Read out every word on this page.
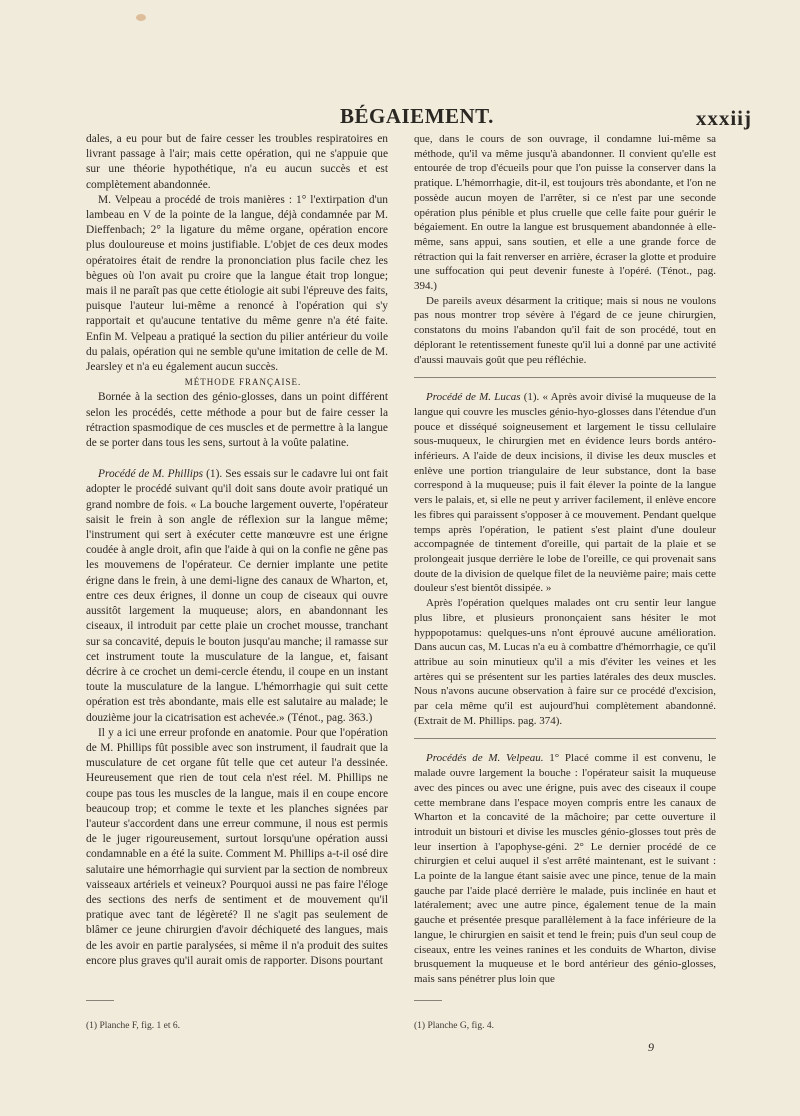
BÉGAIEMENT.	xxxiij

dales, a eu pour but de faire cesser les troubles respiratoires en livrant passage à l'air; mais cette opération, qui ne s'appuie que sur une théorie hypothétique, n'a eu aucun succès et est complètement abandonnée.

M. Velpeau a procédé de trois manières : 1° l'extirpation d'un lambeau en V de la pointe de la langue, déjà condamnée par M. Dieffenbach; 2° la ligature du même organe, opération encore plus douloureuse et moins justifiable. L'objet de ces deux modes opératoires était de rendre la prononciation plus facile chez les bègues où l'on avait pu croire que la langue était trop longue; mais il ne paraît pas que cette étiologie ait subi l'épreuve des faits, puisque l'auteur lui-même a renoncé à l'opération qui s'y rapportait et qu'aucune tentative du même genre n'a été faite. Enfin M. Velpeau a pratiqué la section du pilier antérieur du voile du palais, opération qui ne semble qu'une imitation de celle de M. Jearsley et n'a eu également aucun succès.

MÉTHODE FRANÇAISE.

Bornée à la section des génio-glosses, dans un point différent selon les procédés, cette méthode a pour but de faire cesser la rétraction spasmodique de ces muscles et de permettre à la langue de se porter dans tous les sens, surtout à la voûte palatine.

Procédé de M. Phillips (1). Ses essais sur le cadavre lui ont fait adopter le procédé suivant qu'il doit sans doute avoir pratiqué un grand nombre de fois. « La bouche largement ouverte, l'opérateur saisit le frein à son angle de réflexion sur la langue même; l'instrument qui sert à exécuter cette manœuvre est une érigne coudée à angle droit, afin que l'aide à qui on la confie ne gêne pas les mouvemens de l'opérateur. Ce dernier implante une petite érigne dans le frein, à une demi-ligne des canaux de Wharton, et, entre ces deux érignes, il donne un coup de ciseaux qui ouvre aussitôt largement la muqueuse; alors, en abandonnant les ciseaux, il introduit par cette plaie un crochet mousse, tranchant sur sa concavité, depuis le bouton jusqu'au manche; il ramasse sur cet instrument toute la musculature de la langue, et, faisant décrire à ce crochet un demi-cercle étendu, il coupe en un instant toute la musculature de la langue. L'hémorrhagie qui suit cette opération est très abondante, mais elle est salutaire au malade; le douzième jour la cicatrisation est achevée.» (Ténot., pag. 363.)

Il y a ici une erreur profonde en anatomie. Pour que l'opération de M. Phillips fût possible avec son instrument, il faudrait que la musculature de cet organe fût telle que cet auteur l'a dessinée. Heureusement que rien de tout cela n'est réel. M. Phillips ne coupe pas tous les muscles de la langue, mais il en coupe encore beaucoup trop; et comme le texte et les planches signées par l'auteur s'accordent dans une erreur commune, il nous est permis de le juger rigoureusement, surtout lorsqu'une opération aussi condamnable en a été la suite. Comment M. Phillips a-t-il osé dire salutaire une hémorrhagie qui survient par la section de nombreux vaisseaux artériels et veineux? Pourquoi aussi ne pas faire l'éloge des sections des nerfs de sentiment et de mouvement qu'il pratique avec tant de légèreté? Il ne s'agit pas seulement de blâmer ce jeune chirurgien d'avoir déchiqueté des langues, mais de les avoir en partie paralysées, si même il n'a produit des suites encore plus graves qu'il aurait omis de rapporter. Disons pourtant

que, dans le cours de son ouvrage, il condamne lui-même sa méthode, qu'il va même jusqu'à abandonner. Il convient qu'elle est entourée de trop d'écueils pour que l'on puisse la conserver dans la pratique. L'hémorrhagie, dit-il, est toujours très abondante, et l'on ne possède aucun moyen de l'arrêter, si ce n'est par une seconde opération plus pénible et plus cruelle que celle faite pour guérir le bégaiement. En outre la langue est brusquement abandonnée à elle-même, sans appui, sans soutien, et elle a une grande force de rétraction qui la fait renverser en arrière, écraser la glotte et produire une suffocation qui peut devenir funeste à l'opéré. (Ténot., pag. 394.)

De pareils aveux désarment la critique; mais si nous ne voulons pas nous montrer trop sévère à l'égard de ce jeune chirurgien, constatons du moins l'abandon qu'il fait de son procédé, tout en déplorant le retentissement funeste qu'il lui a donné par une activité d'aussi mauvais goût que peu réfléchie.

Procédé de M. Lucas (1). « Après avoir divisé la muqueuse de la langue qui couvre les muscles génio-hyo-glosses dans l'étendue d'un pouce et disséqué soigneusement et largement le tissu cellulaire sous-muqueux, le chirurgien met en évidence leurs bords antéro-inférieurs. A l'aide de deux incisions, il divise les deux muscles et enlève une portion triangulaire de leur substance, dont la base correspond à la muqueuse; puis il fait élever la pointe de la langue vers le palais, et, si elle ne peut y arriver facilement, il enlève encore les fibres qui paraissent s'opposer à ce mouvement. Pendant quelque temps après l'opération, le patient s'est plaint d'une douleur accompagnée de tintement d'oreille, qui partait de la plaie et se prolongeait jusque derrière le lobe de l'oreille, ce qui provenait sans doute de la division de quelque filet de la neuvième paire; mais cette douleur s'est bientôt dissipée. »

Après l'opération quelques malades ont cru sentir leur langue plus libre, et plusieurs prononçaient sans hésiter le mot hyppopotamus: quelques-uns n'ont éprouvé aucune amélioration. Dans aucun cas, M. Lucas n'a eu à combattre d'hémorrhagie, ce qu'il attribue au soin minutieux qu'il a mis d'éviter les veines et les artères qui se présentent sur les parties latérales des deux muscles. Nous n'avons aucune observation à faire sur ce procédé d'excision, par cela même qu'il est aujourd'hui complètement abandonné. (Extrait de M. Phillips. pag. 374).

Procédés de M. Velpeau. 1° Placé comme il est convenu, le malade ouvre largement la bouche : l'opérateur saisit la muqueuse avec des pinces ou avec une érigne, puis avec des ciseaux il coupe cette membrane dans l'espace moyen compris entre les canaux de Wharton et la concavité de la mâchoire; par cette ouverture il introduit un bistouri et divise les muscles génio-glosses tout près de leur insertion à l'apophyse-géni. 2° Le dernier procédé de ce chirurgien et celui auquel il s'est arrêté maintenant, est le suivant : La pointe de la langue étant saisie avec une pince, tenue de la main gauche par l'aide placé derrière le malade, puis inclinée en haut et latéralement; avec une autre pince, également tenue de la main gauche et présentée presque parallèlement à la face inférieure de la langue, le chirurgien en saisit et tend le frein; puis d'un seul coup de ciseaux, entre les veines ranines et les conduits de Wharton, divise brusquement la muqueuse et le bord antérieur des génio-glosses, mais sans pénétrer plus loin que

(1) Planche F, fig. 1 et 6.	(1) Planche G, fig. 4.
9
